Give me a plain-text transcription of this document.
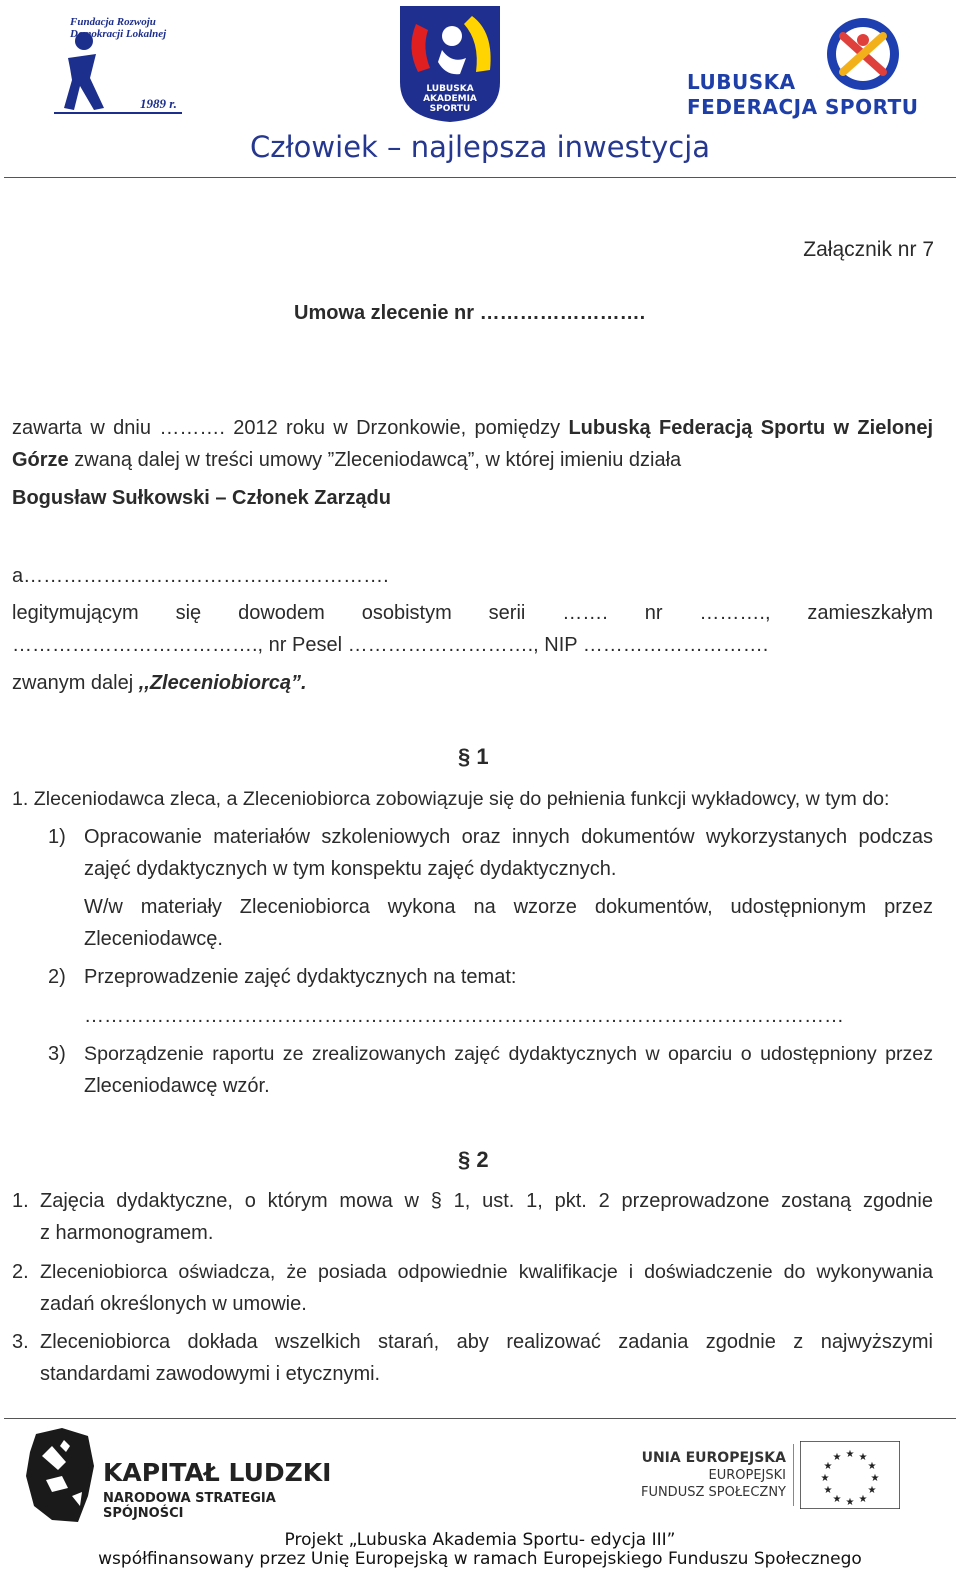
Fundacja Rozwoju
Demokracji Lokalnej
1989 r.
LUBUSKA
AKADEMIA
SPORTU
LUBUSKA
FEDERACJA SPORTU
Człowiek – najlepsza inwestycja
Załącznik nr 7
Umowa zlecenie nr …………………….
zawarta w dniu ………. 2012 roku w Drzonkowie, pomiędzy Lubuską Federacją Sportu w Zielonej
Górze zwaną dalej w treści umowy ”Zleceniodawcą”, w której imieniu działa
Bogusław Sułkowski – Członek Zarządu
a……………………………………………….
legitymującym się dowodem osobistym serii ……. nr ………., zamieszkałym
………………………………., nr Pesel ………………………., NIP ……………………….
zwanym dalej ,,Zleceniobiorcą”.
§ 1
1. Zleceniodawca zleca, a Zleceniobiorca zobowiązuje się do pełnienia funkcji wykładowcy, w tym do:
1) Opracowanie materiałów szkoleniowych oraz innych dokumentów wykorzystanych podczas
zajęć dydaktycznych w tym konspektu zajęć dydaktycznych.
W/w materiały Zleceniobiorca wykona na wzorze dokumentów, udostępnionym przez
Zleceniodawcę.
2) Przeprowadzenie zajęć dydaktycznych na temat:
……………………………………………………………………………………………………
3) Sporządzenie raportu ze zrealizowanych zajęć dydaktycznych w oparciu o udostępniony przez
Zleceniodawcę wzór.
§ 2
1. Zajęcia dydaktyczne, o którym mowa w § 1, ust. 1, pkt. 2 przeprowadzone zostaną zgodnie
z harmonogramem.
2. Zleceniobiorca oświadcza, że posiada odpowiednie kwalifikacje i doświadczenie do wykonywania
zadań określonych w umowie.
3. Zleceniobiorca dokłada wszelkich starań, aby realizować zadania zgodnie z najwyższymi
standardami zawodowymi i etycznymi.
KAPITAŁ LUDZKI
NARODOWA STRATEGIA SPÓJNOŚCI
UNIA EUROPEJSKA
EUROPEJSKI
FUNDUSZ SPOŁECZNY
★ ★
★
★
★
★
★
★
★
★
★
★
Projekt „Lubuska Akademia Sportu- edycja III”
współfinansowany przez Unię Europejską w ramach Europejskiego Funduszu Społecznego
